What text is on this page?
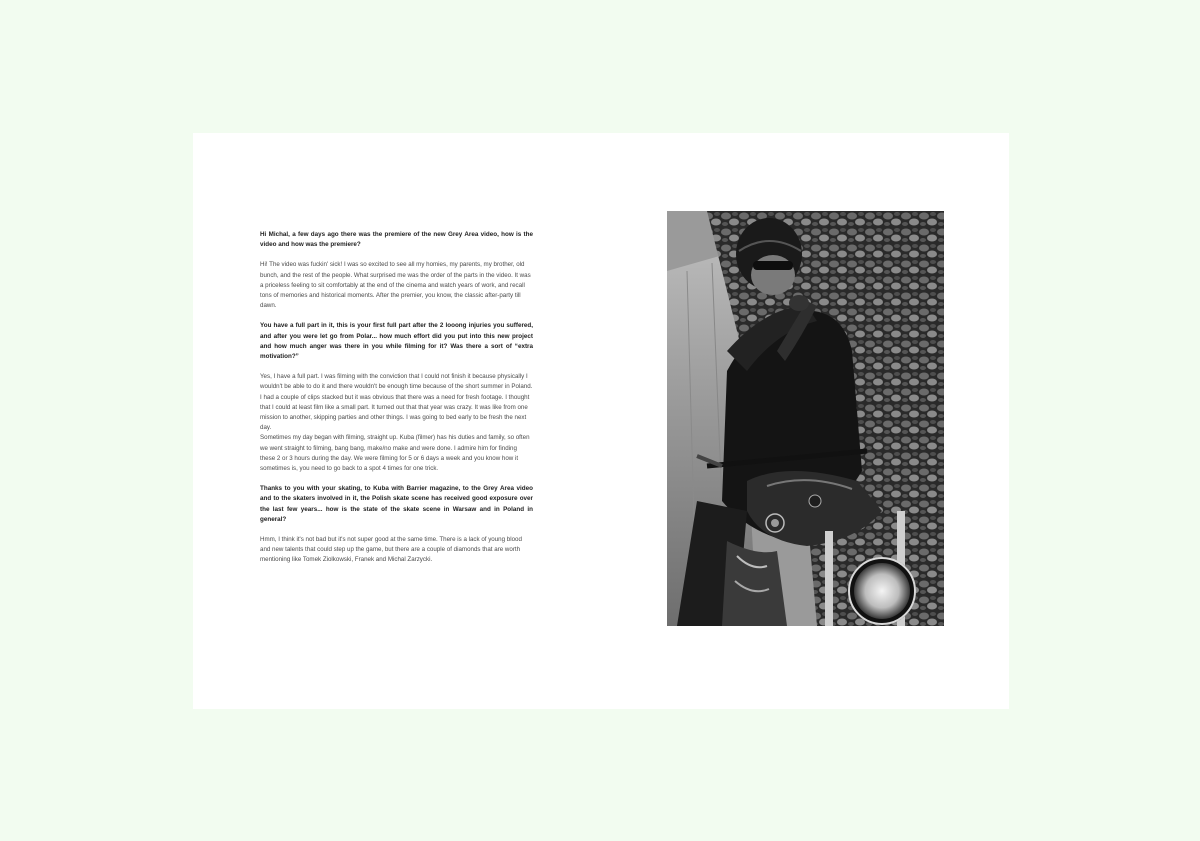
Hi Michal, a few days ago there was the premiere of the new Grey Area video, how is the video and how was the premiere?

Hi! The video was fuckin' sick! I was so excited to see all my homies, my parents, my brother, old bunch, and the rest of the people. What surprised me was the order of the parts in the video. It was a priceless feeling to sit comfortably at the end of the cinema and watch years of work, and recall tons of memories and historical moments. After the premier, you know, the classic after-party till dawn.

You have a full part in it, this is your first full part after the 2 looong injuries you suffered, and after you were let go from Polar... how much effort did you put into this new project and how much anger was there in you while filming for it? Was there a sort of “extra motivation?”

Yes, I have a full part. I was filming with the conviction that I could not finish it because physically I wouldn't be able to do it and there wouldn't be enough time because of the short summer in Poland. I had a couple of clips stacked but it was obvious that there was a need for fresh footage. I thought that I could at least film like a small part. It turned out that that year was crazy. It was like from one mission to another, skipping parties and other things. I was going to bed early to be fresh the next day.
Sometimes my day began with filming, straight up. Kuba (filmer) has his duties and family, so often we went straight to filming, bang bang, make/no make and were done. I admire him for finding these 2 or 3 hours during the day. We were filming for 5 or 6 days a week and you know how it sometimes is, you need to go back to a spot 4 times for one trick.

Thanks to you with your skating, to Kuba with Barrier magazine, to the Grey Area video and to the skaters involved in it, the Polish skate scene has received good exposure over the last few years... how is the state of the skate scene in Warsaw and in Poland in general?

Hmm, I think it's not bad but it's not super good at the same time. There is a lack of young blood and new talents that could step up the game, but there are a couple of diamonds that are worth mentioning like Tomek Ziolkowski, Franek and Michal Zarzycki.
